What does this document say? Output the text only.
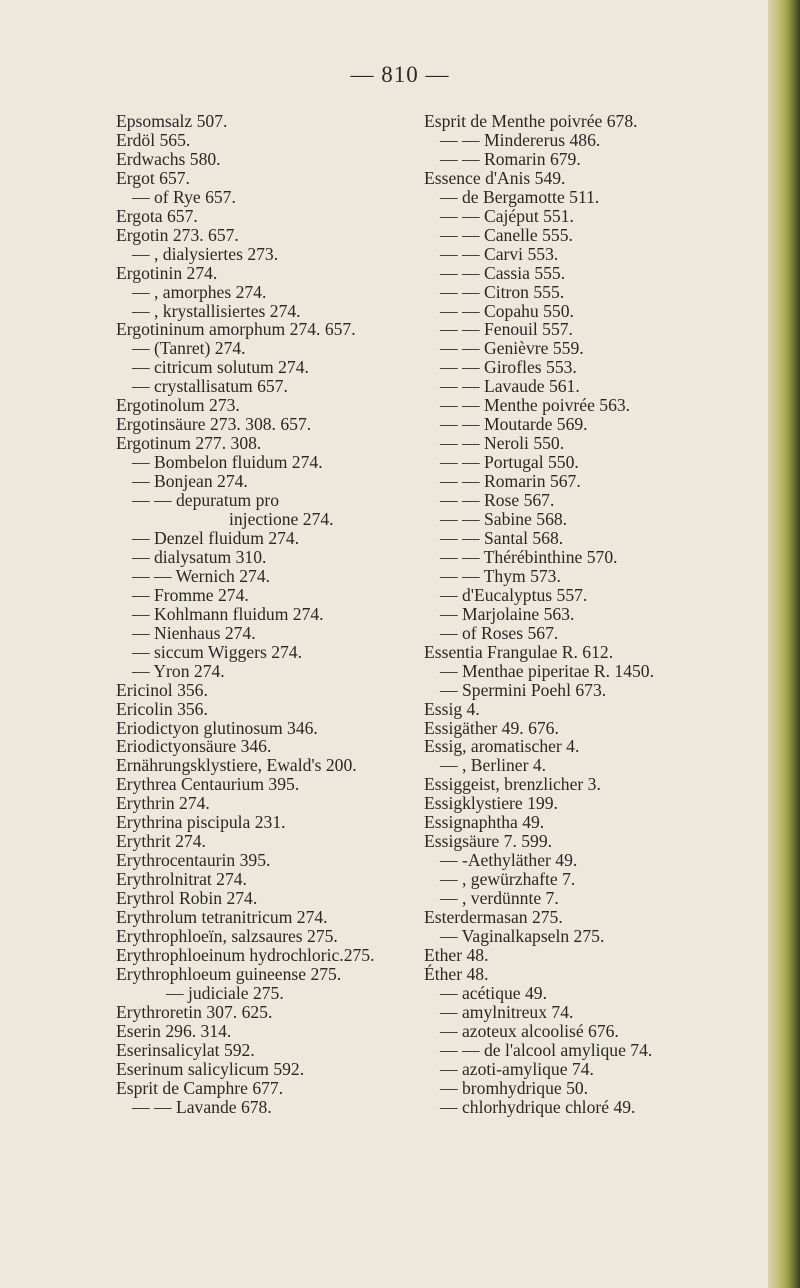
— 810 —
Epsomsalz 507.
Erdöl 565.
Erdwachs 580.
Ergot 657.
— of Rye 657.
Ergota 657.
Ergotin 273. 657.
— , dialysiertes 273.
Ergotinin 274.
— , amorphes 274.
— , krystallisiertes 274.
Ergotininum amorphum 274. 657.
— (Tanret) 274.
— citricum solutum 274.
— crystallisatum 657.
Ergotinolum 273.
Ergotinsäure 273. 308. 657.
Ergotinum 277. 308.
— Bombelon fluidum 274.
— Bonjean 274.
— — depuratum pro
injectione 274.
— Denzel fluidum 274.
— dialysatum 310.
— — Wernich 274.
— Fromme 274.
— Kohlmann fluidum 274.
— Nienhaus 274.
— siccum Wiggers 274.
— Yron 274.
Ericinol 356.
Ericolin 356.
Eriodictyon glutinosum 346.
Eriodictyonsäure 346.
Ernährungsklystiere, Ewald's 200.
Erythrea Centaurium 395.
Erythrin 274.
Erythrina piscipula 231.
Erythrit 274.
Erythrocentaurin 395.
Erythrolnitrat 274.
Erythrol Robin 274.
Erythrolum tetranitricum 274.
Erythrophloeïn, salzsaures 275.
Erythrophloeinum hydrochloric.275.
Erythrophloeum guineense 275.
— judiciale 275.
Erythroretin 307. 625.
Eserin 296. 314.
Eserinsalicylat 592.
Eserinum salicylicum 592.
Esprit de Camphre 677.
— — Lavande 678.
Esprit de Menthe poivrée 678.
— — Mindererus 486.
— — Romarin 679.
Essence d'Anis 549.
— de Bergamotte 511.
— — Cajéput 551.
— — Canelle 555.
— — Carvi 553.
— — Cassia 555.
— — Citron 555.
— — Copahu 550.
— — Fenouil 557.
— — Genièvre 559.
— — Girofles 553.
— — Lavaude 561.
— — Menthe poivrée 563.
— — Moutarde 569.
— — Neroli 550.
— — Portugal 550.
— — Romarin 567.
— — Rose 567.
— — Sabine 568.
— — Santal 568.
— — Thérébinthine 570.
— — Thym 573.
— d'Eucalyptus 557.
— Marjolaine 563.
— of Roses 567.
Essentia Frangulae R. 612.
— Menthae piperitae R. 1450.
— Spermini Poehl 673.
Essig 4.
Essigäther 49. 676.
Essig, aromatischer 4.
— , Berliner 4.
Essiggeist, brenzlicher 3.
Essigklystiere 199.
Essignaphtha 49.
Essigsäure 7. 599.
— -Aethyläther 49.
— , gewürzhafte 7.
— , verdünnte 7.
Esterdermasan 275.
— Vaginalkapseln 275.
Ether 48.
Éther 48.
— acétique 49.
— amylnitreux 74.
— azoteux alcoolisé 676.
— — de l'alcool amylique 74.
— azoti-amylique 74.
— bromhydrique 50.
— chlorhydrique chloré 49.
